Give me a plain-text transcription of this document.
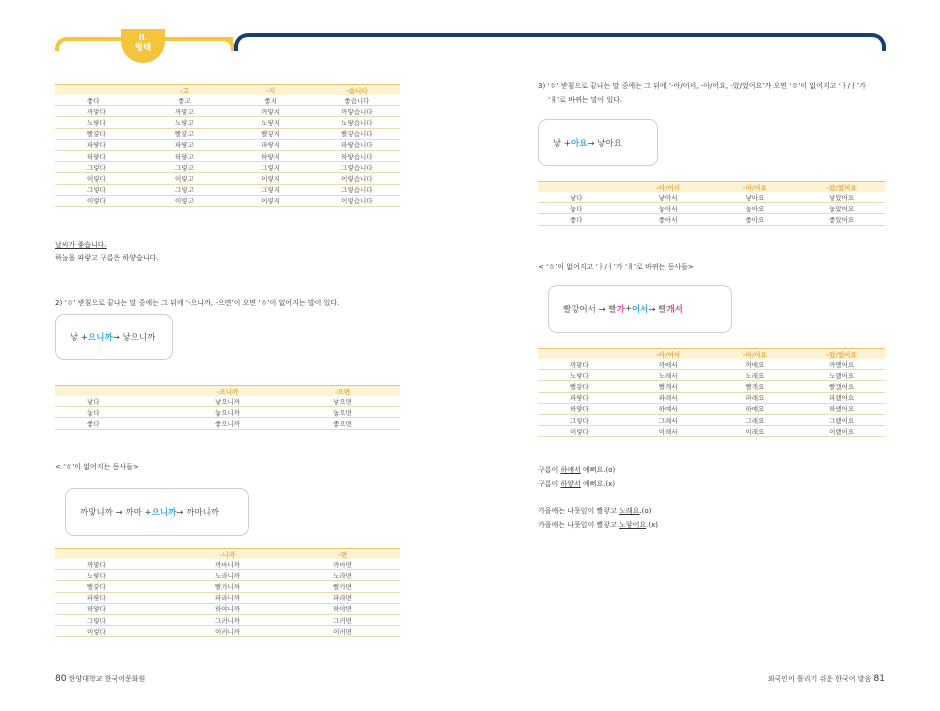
II.
형태
	-고	-지	-습니다
좋다	좋고	좋지	좋습니다
까맣다	까맣고	까맣지	까맣습니다
노랗다	노랗고	노랗지	노랗습니다
빨갛다	빨갛고	빨갛지	빨갛습니다
파랗다	파랗고	파랗지	파랗습니다
하얗다	하얗고	하얗지	하얗습니다
그렇다	그렇고	그렇지	그렇습니다
이렇다	이렇고	이렇지	이렇습니다
그렇다	그렇고	그렇지	그렇습니다
이렇다	이렇고	이렇지	이렇습니다
날씨가 좋습니다.
하늘을 파랗고 구름은 하얗습니다.
2) ‘ㅎ’ 받침으로 끝나는 말 중에는 그 뒤에 ‘-으니까, -으면’이 오면 ‘ㅎ’이 없어지는 말이 있다.
낳 + 으니까 → 낳으니까
	-으니까	-으면
낳다	낳으니까	낳으면
놓다	놓으니까	놓으면
좋다	좋으니까	좋으면
< ‘ㅎ’이 없어지는 동사들>
까맣 니까 → 까마 + 으니까 → 까마니까
	-니까	-면
까맣다	까마니까	까마면
노랗다	노라니까	노라면
빨갛다	빨가니까	빨가면
파랗다	파라니까	파라면
하얗다	하야니까	하야면
그렇다	그러니까	그러면
이렇다	이러니까	이러면
80 한양대학교 한국어문화원
3) ‘ㅎ’ 받침으로 끝나는 말 중에는 그 뒤에 ‘-아/어서, -아/어요, -았/었어요’가 오면 ‘ㅎ’이 없어지고 ‘ㅏ/ㅓ’가
‘ㅐ’로 바뀌는 말이 있다.
낳 + 아요 → 낳아요
	-아/어서	-아/어요	-았/었어요
낳다	낳아서	낳아요	낳았어요
놓다	놓아서	놓아요	놓았어요
좋다	좋아서	좋아요	좋았어요
< ‘ㅎ’이 없어지고 ‘ㅏ/ㅓ’가 ‘ㅐ’로 바뀌는 동사들>
빨갛 어서 → 빨 가 + 어서 → 빨 개서
	-아/어서	-아/어요	-았/었어요
까맣다	까매서	까매요	까맸어요
노랗다	노래서	노래요	노랬어요
빨갛다	빨개서	빨개요	빨갰어요
파랗다	파래서	파래요	파랬어요
하얗다	하얘서	하얘요	하얬어요
그렇다	그래서	그래요	그랬어요
이렇다	이래서	이래요	이랬어요
구름이 하얘서 예뻐요.(o)
구름이 하얗서 예뻐요.(x)
가을에는 나뭇잎이 빨갛고 노래요.(o)
가을에는 나뭇잎이 빨갛고 노랗어요.(x)
외국인이 틀리기 쉬운 한국어 발음 81
